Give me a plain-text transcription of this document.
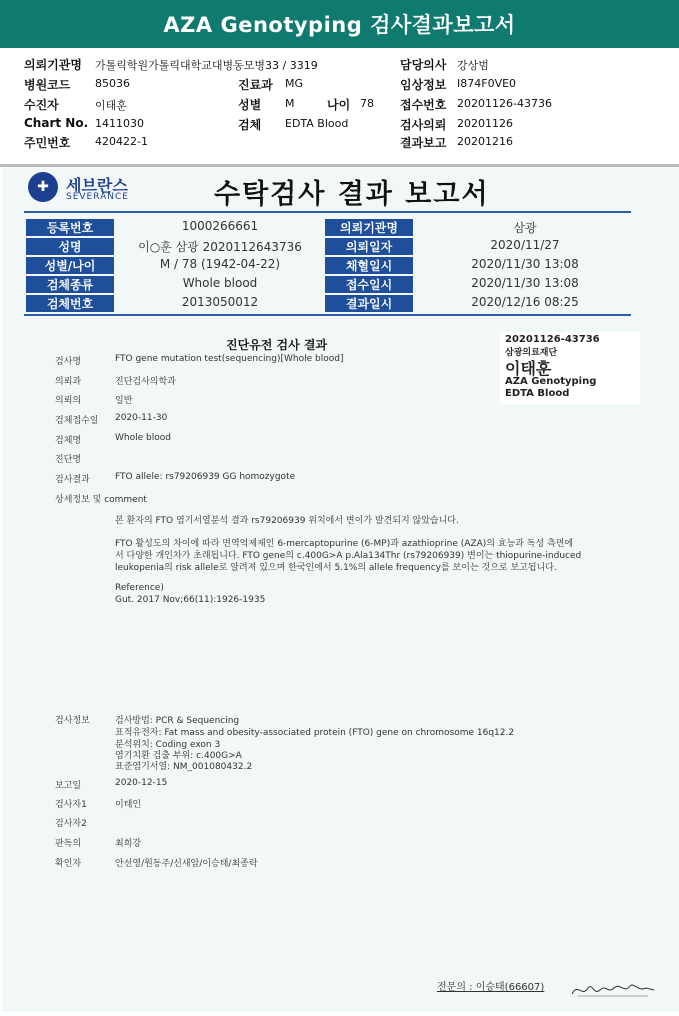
AZA Genotyping 검사결과보고서
의뢰기관명 가톨릭학원가톨릭대학교대병동모병33 / 3319	담당의사 강상범
병원코드 85036	진료과 MG	임상정보 I874F0VE0
수진자	이태훈	성별 M	나이 78 접수번호 20201126-43736
Chart No. 1411030	검체 EDTA Blood	검사의뢰 20201126
주민번호 420422-1	결과보고 20201216
✚ 세브란스
SEVERANCE	수탁검사 결과 보고서
등록번호	1000266661	의뢰기관명	삼광
성명	이○훈 삼광 2020112643736	의뢰일자	2020/11/27
성별/나이	M / 78 (1942-04-22)	채혈일시	2020/11/30 13:08
검체종류	Whole blood	접수일시	2020/11/30 13:08
검체번호	2013050012	결과일시	2020/12/16 08:25
20201126-43736
삼광의료재단
이태훈
AZA Genotyping
EDTA Blood
진단유전 검사 결과
검사명	FTO gene mutation test(sequencing)[Whole blood]
의뢰과	진단검사의학과
의뢰의	일반
검체접수일 2020-11-30
검체명	Whole blood
진단명
검사결과	FTO allele: rs79206939 GG homozygote
상세정보 및 comment
본 환자의 FTO 염기서열분석 결과 rs79206939 위치에서 변이가 발견되지 않았습니다.
FTO 활성도의 차이에 따라 면역억제제인 6-mercaptopurine (6-MP)과 azathioprine (AZA)의 효능과 독성 측면에
서 다양한 개인차가 초래됩니다. FTO gene의 c.400G>A p.Ala134Thr (rs79206939) 변이는 thiopurine-induced
leukopenia의 risk allele로 알려져 있으며 한국인에서 5.1%의 allele frequency를 보이는 것으로 보고됩니다.
Reference)
Gut. 2017 Nov;66(11):1926-1935
검사정보	검사방법: PCR & Sequencing
표적유전자: Fat mass and obesity-associated protein (FTO) gene on chromosome 16q12.2
분석위치: Coding exon 3
염기치환 검출 부위: c.400G>A
표준염기서열: NM_001080432.2
보고일	2020-12-15
검사자1	이태인
검사자2
판독의	최희강
확인자	안선영/원동주/신새암/이승태/최종락
전문의 : 이승태(66607)
